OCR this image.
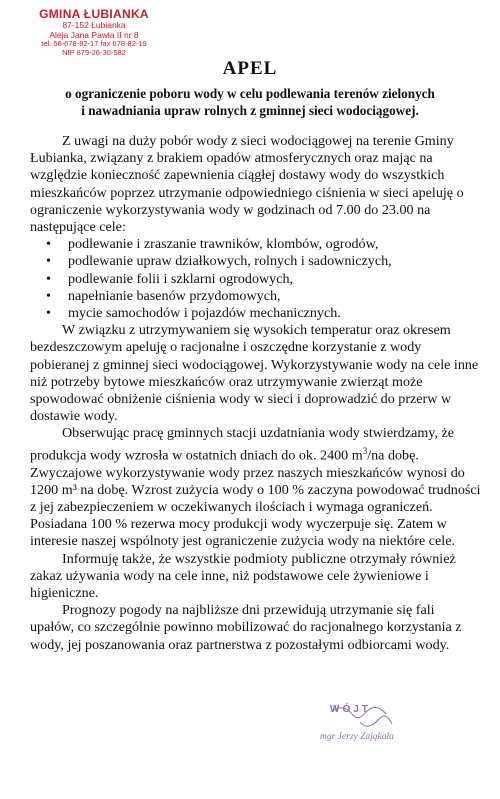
GMINA ŁUBIANKA
87-152 Łubianka
Aleja Jana Pawła II nr 8
tel. 56-678-82-17 fax 678-82-19
NIP 879-26-30-582
APEL
o ograniczenie poboru wody w celu podlewania terenów zielonych
i nawadniania upraw rolnych z gminnej sieci wodociągowej.

Z uwagi na duży pobór wody z sieci wodociągowej na terenie Gminy Łubianka, związany z brakiem opadów atmosferycznych oraz mając na względzie konieczność zapewnienia ciągłej dostawy wody do wszystkich mieszkańców poprzez utrzymanie odpowiedniego ciśnienia w sieci apeluję o ograniczenie wykorzystywania wody w godzinach od 7.00 do 23.00 na następujące cele:

• podlewanie i zraszanie trawników, klombów, ogrodów,
• podlewanie upraw działkowych, rolnych i sadowniczych,
• podlewanie folii i szklarni ogrodowych,
• napełnianie basenów przydomowych,
• mycie samochodów i pojazdów mechanicznych.

W związku z utrzymywaniem się wysokich temperatur oraz okresem bezdeszczowym apeluję o racjonalne i oszczędne korzystanie z wody pobieranej z gminnej sieci wodociągowej. Wykorzystywanie wody na cele inne niż potrzeby bytowe mieszkańców oraz utrzymywanie zwierząt może spowodować obniżenie ciśnienia wody w sieci i doprowadzić do przerw w dostawie wody.

Obserwując pracę gminnych stacji uzdatniania wody stwierdzamy, że produkcja wody wzrosła w ostatnich dniach do ok. 2400 $m^3/na$ dobę. Zwyczajowe wykorzystywanie wody przez naszych mieszkańców wynosi do 1200 m³ na dobę. Wzrost zużycia wody o 100 % zaczyna powodować trudności z jej zabezpieczeniem w oczekiwanych ilościach i wymaga ograniczeń. Posiadana 100 % rezerwa mocy produkcji wody wyczerpuje się. Zatem w interesie naszej wspólnoty jest ograniczenie zużycia wody na niektóre cele.

Informuję także, że wszystkie podmioty publiczne otrzymały również zakaz używania wody na cele inne, niż podstawowe cele żywieniowe i higieniczne.

Prognozy pogody na najbliższe dni przewidują utrzymanie się fali upałów, co szczególnie powinno mobilizować do racjonalnego korzystania z wody, jej poszanowania oraz partnerstwa z pozostałymi odbiorcami wody.

WÓJT
mgr Jerzy Zająkała
